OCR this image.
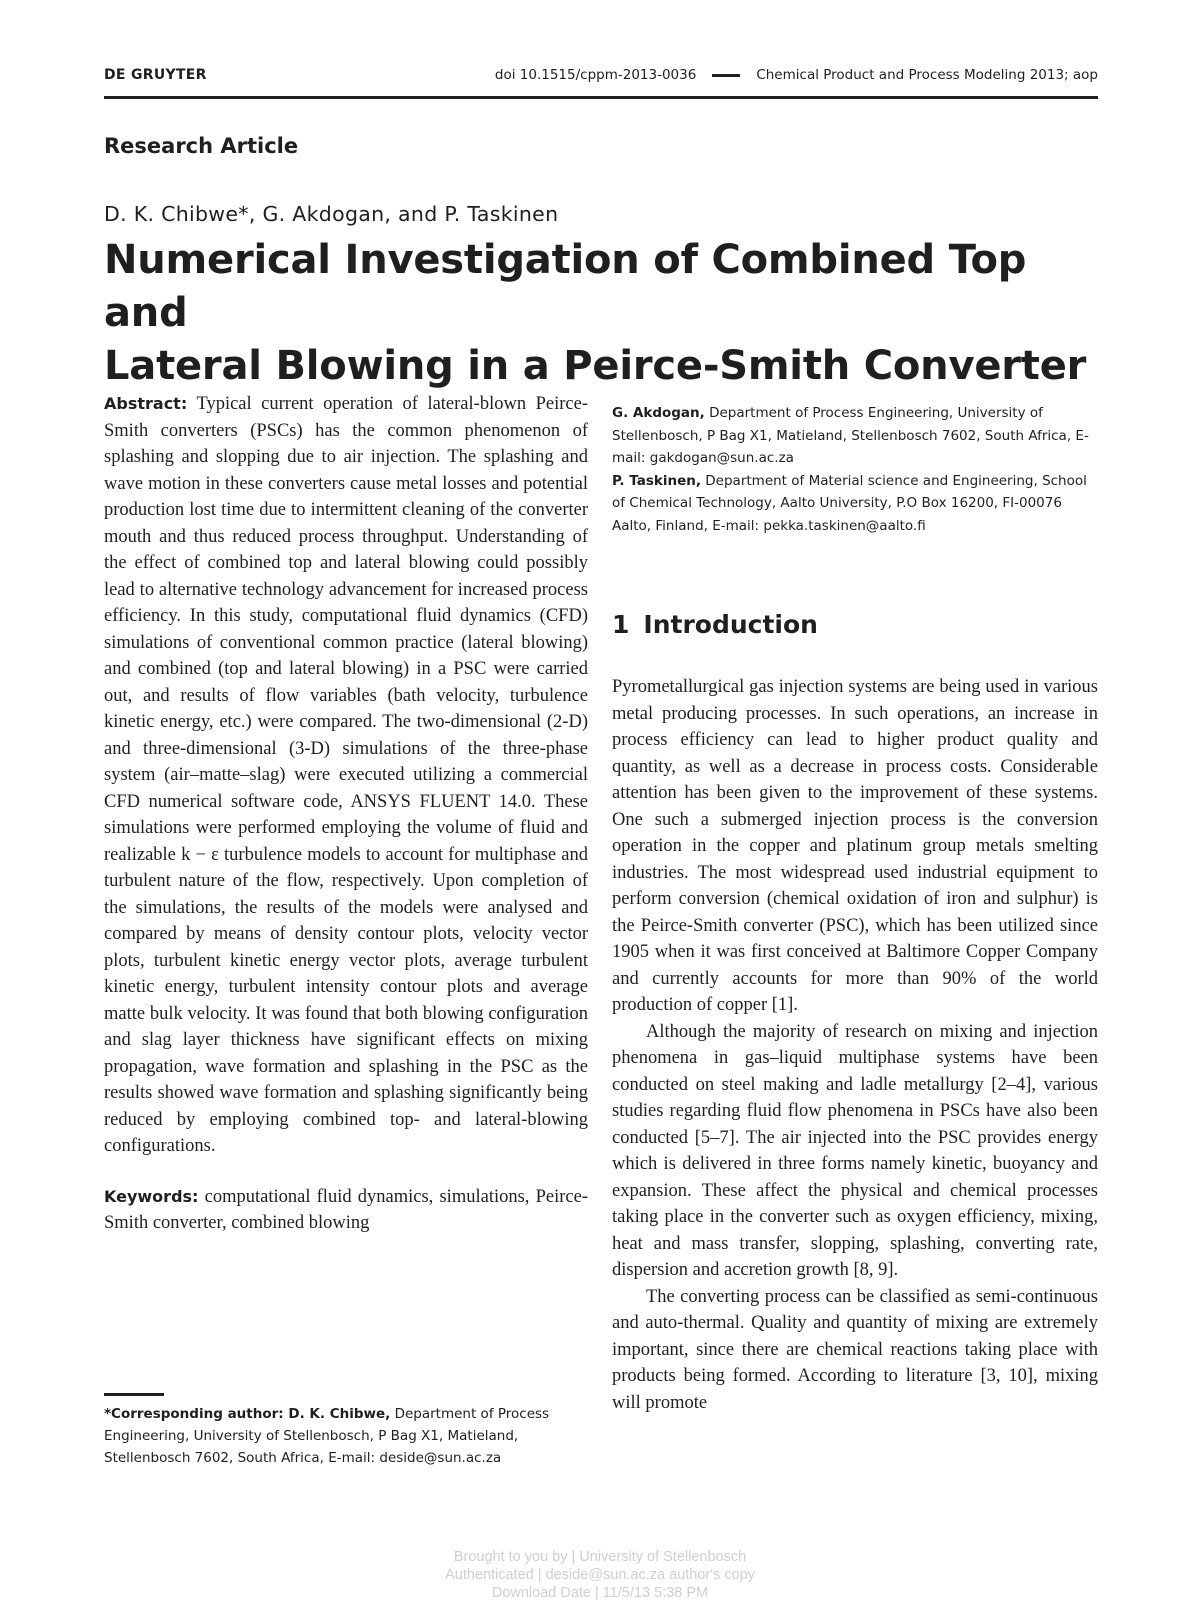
DE GRUYTER	doi 10.1515/cppm-2013-0036	Chemical Product and Process Modeling 2013; aop
Research Article
D. K. Chibwe*, G. Akdogan, and P. Taskinen
Numerical Investigation of Combined Top and
Lateral Blowing in a Peirce-Smith Converter

Abstract: Typical current operation of lateral-blown Peirce-Smith converters (PSCs) has the common phenomenon of splashing and slopping due to air injection. The splashing and wave motion in these converters cause metal losses and potential production lost time due to intermittent cleaning of the converter mouth and thus reduced process throughput. Understanding of the effect of combined top and lateral blowing could possibly lead to alternative technology advancement for increased process efficiency. In this study, computational fluid dynamics (CFD) simulations of conventional common practice (lateral blowing) and combined (top and lateral blowing) in a PSC were carried out, and results of flow variables (bath velocity, turbulence kinetic energy, etc.) were compared. The two-dimensional (2-D) and three-dimensional (3-D) simulations of the three-phase system (air–matte–slag) were executed utilizing a commercial CFD numerical software code, ANSYS FLUENT 14.0. These simulations were performed employing the volume of fluid and realizable k − ε turbulence models to account for multiphase and turbulent nature of the flow, respectively. Upon completion of the simulations, the results of the models were analysed and compared by means of density contour plots, velocity vector plots, turbulent kinetic energy vector plots, average turbulent kinetic energy, turbulent intensity contour plots and average matte bulk velocity. It was found that both blowing configuration and slag layer thickness have significant effects on mixing propagation, wave formation and splashing in the PSC as the results showed wave formation and splashing significantly being reduced by employing combined top- and lateral-blowing configurations.

Keywords: computational fluid dynamics, simulations, Peirce-Smith converter, combined blowing

*Corresponding author: D. K. Chibwe, Department of Process Engineering, University of Stellenbosch, P Bag X1, Matieland, Stellenbosch 7602, South Africa, E-mail: deside@sun.ac.za

G. Akdogan, Department of Process Engineering, University of Stellenbosch, P Bag X1, Matieland, Stellenbosch 7602, South Africa, E-mail: gakdogan@sun.ac.za

P. Taskinen, Department of Material science and Engineering, School of Chemical Technology, Aalto University, P.O Box 16200, FI-00076 Aalto, Finland, E-mail: pekka.taskinen@aalto.fi

1 Introduction

Pyrometallurgical gas injection systems are being used in various metal producing processes. In such operations, an increase in process efficiency can lead to higher product quality and quantity, as well as a decrease in process costs. Considerable attention has been given to the improvement of these systems. One such a submerged injection process is the conversion operation in the copper and platinum group metals smelting industries. The most widespread used industrial equipment to perform conversion (chemical oxidation of iron and sulphur) is the Peirce-Smith converter (PSC), which has been utilized since 1905 when it was first conceived at Baltimore Copper Company and currently accounts for more than 90% of the world production of copper [1].

Although the majority of research on mixing and injection phenomena in gas–liquid multiphase systems have been conducted on steel making and ladle metallurgy [2–4], various studies regarding fluid flow phenomena in PSCs have also been conducted [5–7]. The air injected into the PSC provides energy which is delivered in three forms namely kinetic, buoyancy and expansion. These affect the physical and chemical processes taking place in the converter such as oxygen efficiency, mixing, heat and mass transfer, slopping, splashing, converting rate, dispersion and accretion growth [8, 9].

The converting process can be classified as semi-continuous and auto-thermal. Quality and quantity of mixing are extremely important, since there are chemical reactions taking place with products being formed. According to literature [3, 10], mixing will promote

Brought to you by | University of Stellenbosch
Authenticated | deside@sun.ac.za author's copy
Download Date | 11/5/13 5:38 PM
